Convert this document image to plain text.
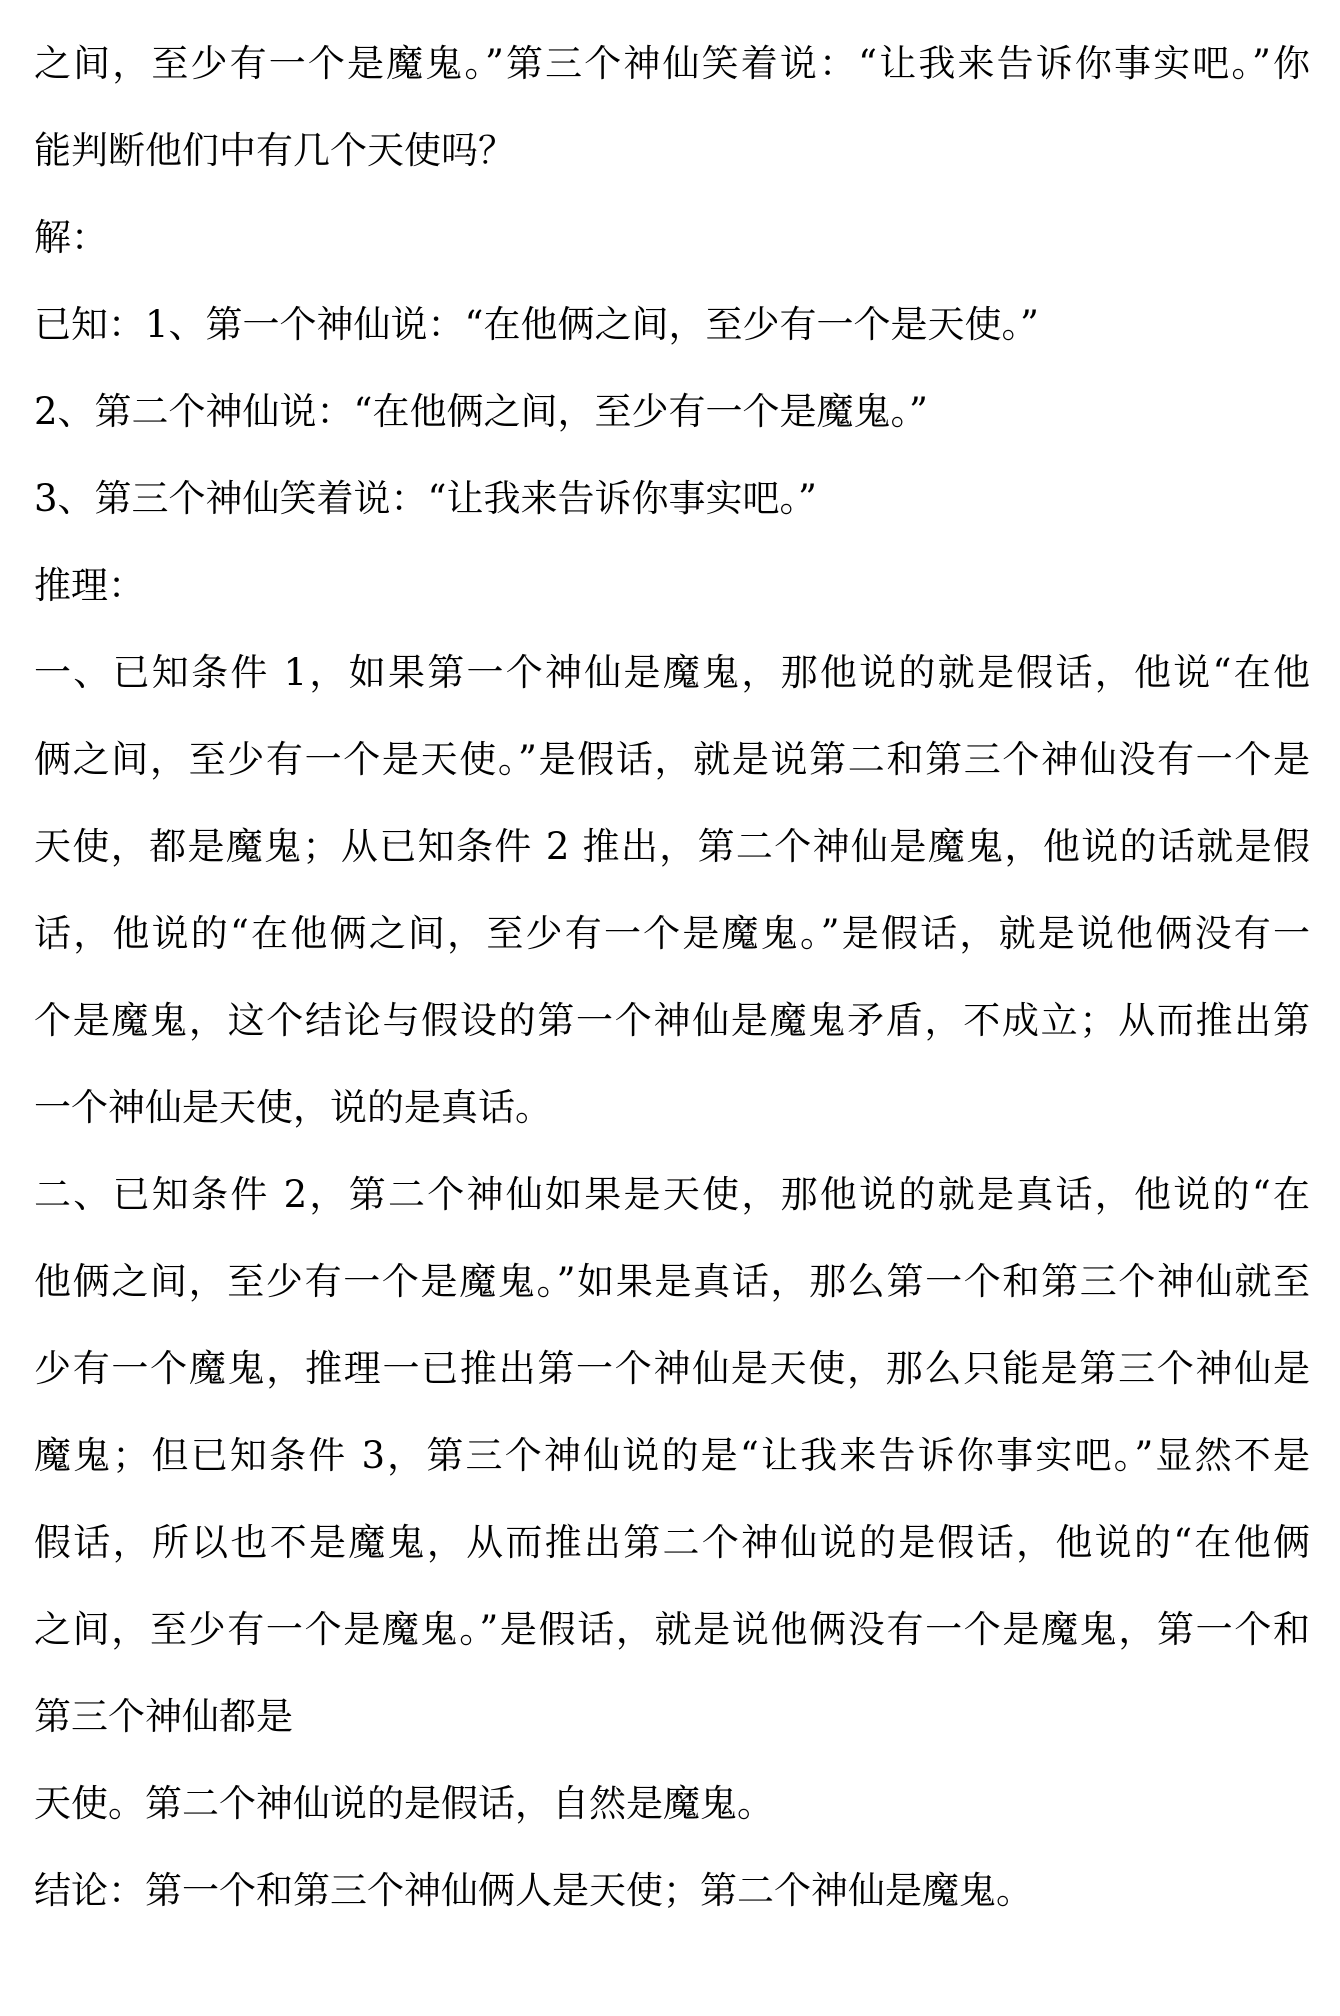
之间，至少有一个是魔鬼。”第三个神仙笑着说：“让我来告诉你事实吧。”你
能判断他们中有几个天使吗？
解：
已知：1、第一个神仙说：“在他俩之间，至少有一个是天使。”
2、第二个神仙说：“在他俩之间，至少有一个是魔鬼。”
3、第三个神仙笑着说：“让我来告诉你事实吧。”
推理：
一、已知条件 1，如果第一个神仙是魔鬼，那他说的就是假话，他说“在他
俩之间，至少有一个是天使。”是假话，就是说第二和第三个神仙没有一个是
天使，都是魔鬼；从已知条件 2 推出，第二个神仙是魔鬼，他说的话就是假
话，他说的“在他俩之间，至少有一个是魔鬼。”是假话，就是说他俩没有一
个是魔鬼，这个结论与假设的第一个神仙是魔鬼矛盾，不成立；从而推出第
一个神仙是天使，说的是真话。
二、已知条件 2，第二个神仙如果是天使，那他说的就是真话，他说的“在
他俩之间，至少有一个是魔鬼。”如果是真话，那么第一个和第三个神仙就至
少有一个魔鬼，推理一已推出第一个神仙是天使，那么只能是第三个神仙是
魔鬼；但已知条件 3，第三个神仙说的是“让我来告诉你事实吧。”显然不是
假话，所以也不是魔鬼，从而推出第二个神仙说的是假话，他说的“在他俩
之间，至少有一个是魔鬼。”是假话，就是说他俩没有一个是魔鬼，第一个和
第三个神仙都是
天使。第二个神仙说的是假话，自然是魔鬼。
结论：第一个和第三个神仙俩人是天使；第二个神仙是魔鬼。
